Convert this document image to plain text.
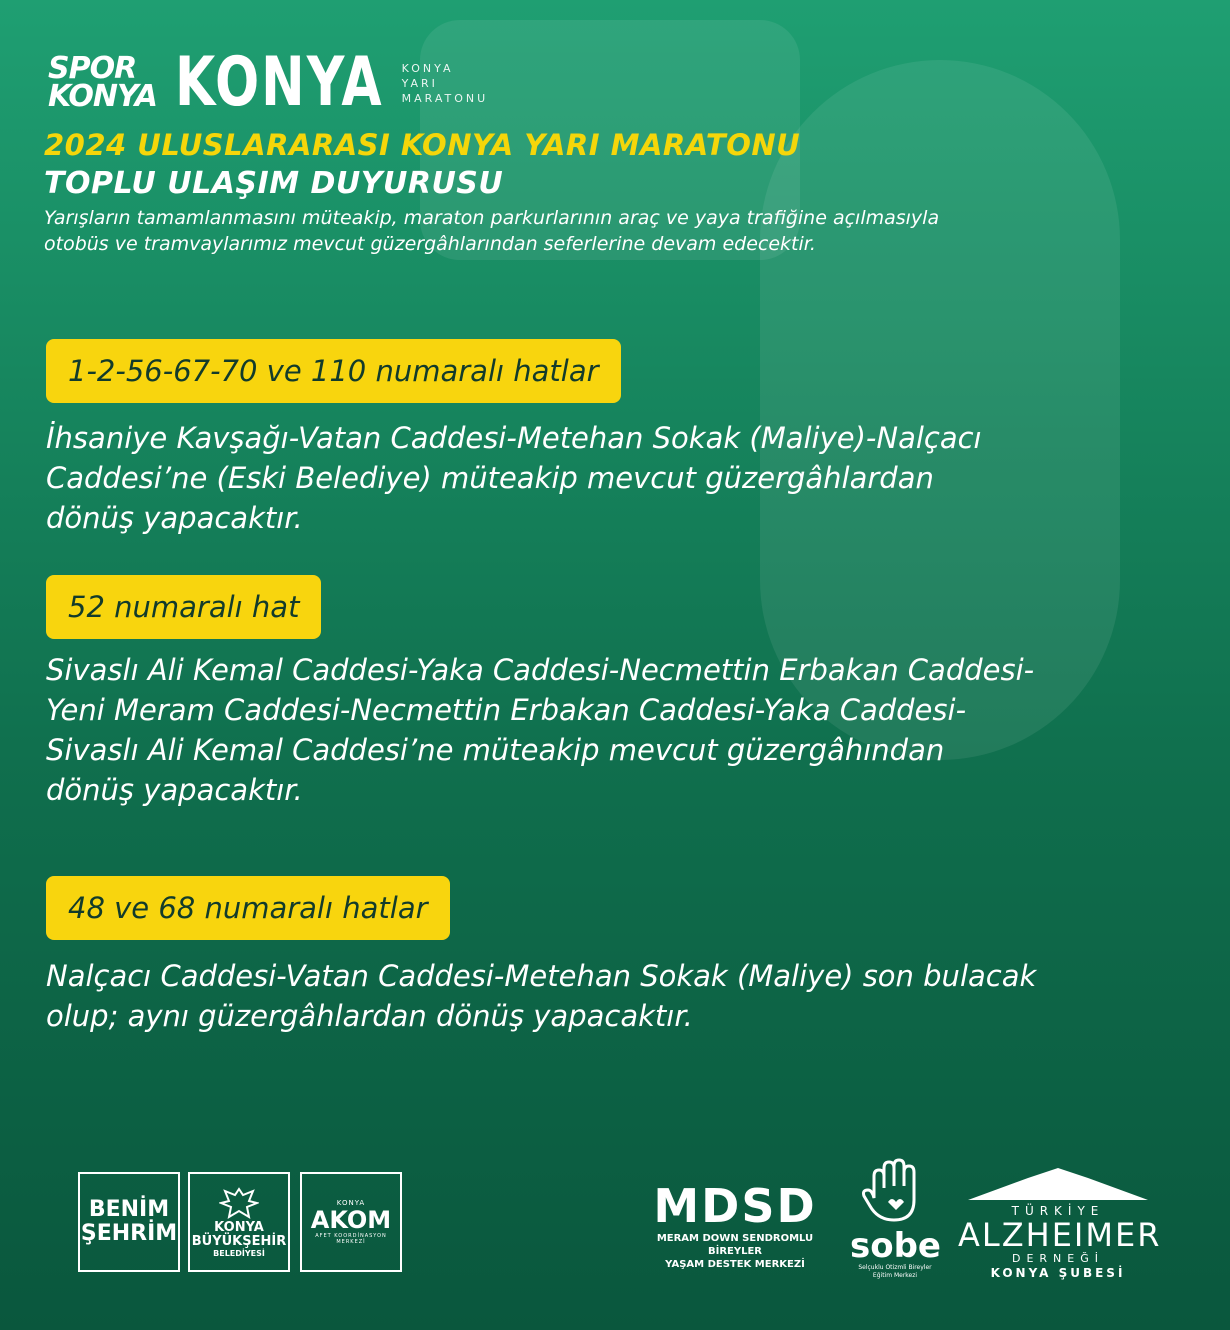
SPOR
KONYA KONYA KONYA
YARI
MARATONU
2024 ULUSLARARASI KONYA YARI MARATONU
TOPLU ULAŞIM DUYURUSU
Yarışların tamamlanmasını müteakip, maraton parkurlarının araç ve yaya trafiğine açılmasıyla
otobüs ve tramvaylarımız mevcut güzergâhlarından seferlerine devam edecektir.
1-2-56-67-70 ve 110 numaralı hatlar
İhsaniye Kavşağı-Vatan Caddesi-Metehan Sokak (Maliye)-Nalçacı
Caddesi’ne (Eski Belediye) müteakip mevcut güzergâhlardan
dönüş yapacaktır.
52 numaralı hat
Sivaslı Ali Kemal Caddesi-Yaka Caddesi-Necmettin Erbakan Caddesi-
Yeni Meram Caddesi-Necmettin Erbakan Caddesi-Yaka Caddesi-
Sivaslı Ali Kemal Caddesi’ne müteakip mevcut güzergâhından
dönüş yapacaktır.
48 ve 68 numaralı hatlar
Nalçacı Caddesi-Vatan Caddesi-Metehan Sokak (Maliye) son bulacak
olup; aynı güzergâhlardan dönüş yapacaktır.
BENİM
ŞEHRİM	KONYA
BÜYÜKŞEHİR
BELEDİYESİ
KONYA
AKOM
AFET KOORDİNASYON MERKEZİ
MDSD
MERAM DOWN SENDROMLU BİREYLER
YAŞAM DESTEK MERKEZİ	sobe
Selçuklu Otizmli Bireyler Eğitim Merkezi
TÜRKİYE
ALZHEIMER
DERNEĞİ
KONYA ŞUBESİ
